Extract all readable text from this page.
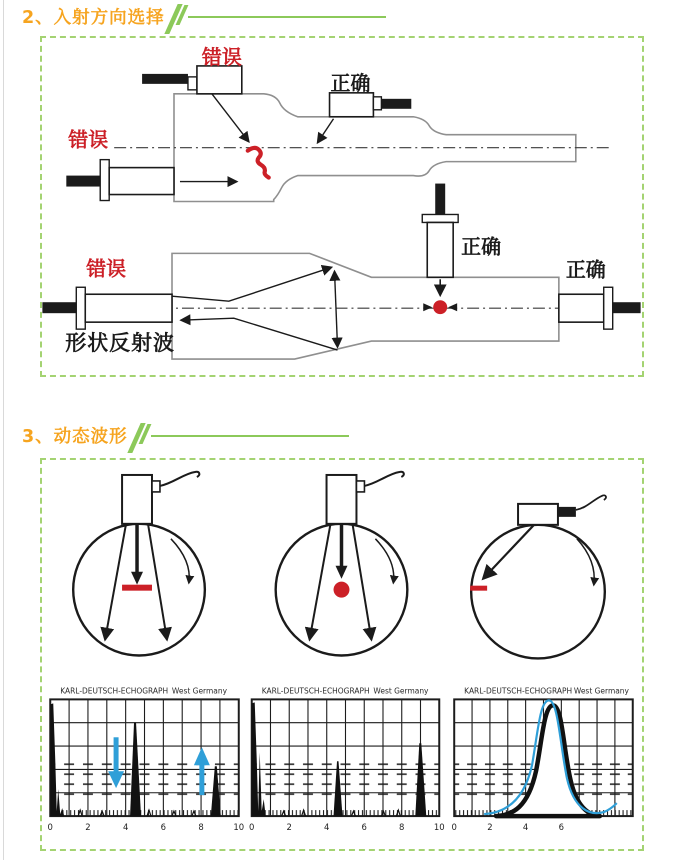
2、入射方向选择
错误
正确
错误
错误
正确
正确
形状反射波
3、动态波形
KARL-DEUTSCH-ECHOGRAPH West Germany
0	2	4	6	8	10
KARL-DEUTSCH-ECHOGRAPH West Germany
0	2	4	6	8	10
KARL-DEUTSCH-ECHOGRAPH West Germany
0	2	4	6
